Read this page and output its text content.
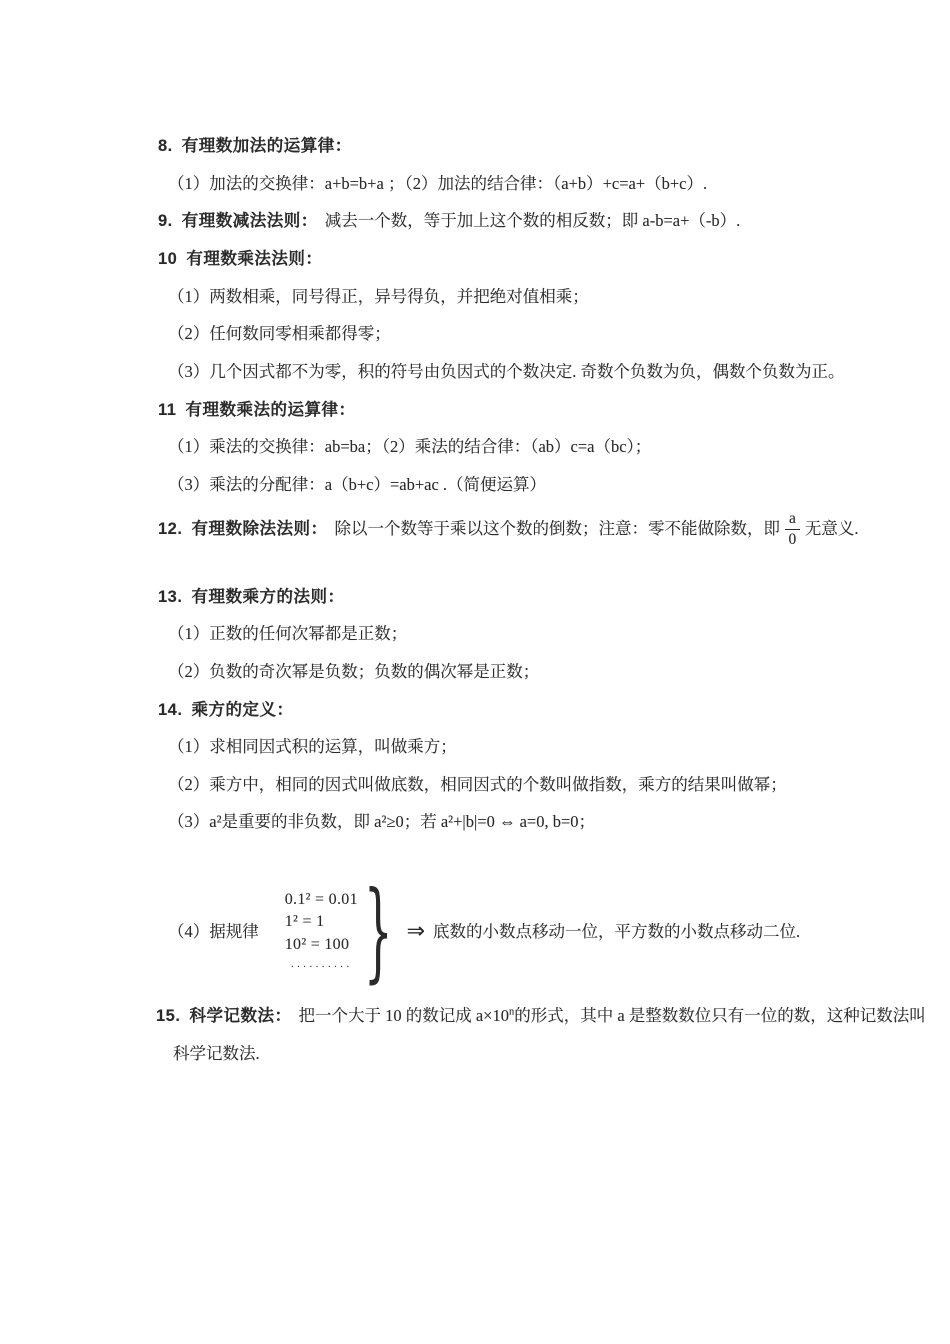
8. 有理数加法的运算律：
（1）加法的交换律：a+b=b+a ；（2）加法的结合律：（a+b）+c=a+（b+c）.
9. 有理数减法法则： 减去一个数，等于加上这个数的相反数；即 a-b=a+（-b）.
10 有理数乘法法则：
（1）两数相乘，同号得正，异号得负，并把绝对值相乘；
（2）任何数同零相乘都得零；
（3）几个因式都不为零，积的符号由负因式的个数决定. 奇数个负数为负，偶数个负数为正。
11 有理数乘法的运算律：
（1）乘法的交换律：ab=ba；（2）乘法的结合律：（ab）c=a（bc）；
（3）乘法的分配律：a（b+c）=ab+ac .（简便运算）
12. 有理数除法法则： 除以一个数等于乘以这个数的倒数；注意：零不能做除数，即 $\frac{a}{0}$ 无意义.
13. 有理数乘方的法则：
（1）正数的任何次幂都是正数；
（2）负数的奇次幂是负数；负数的偶次幂是正数；
14. 乘方的定义：
（1）求相同因式积的运算，叫做乘方；
（2）乘方中，相同的因式叫做底数，相同因式的个数叫做指数，乘方的结果叫做幂；
（3）a²是重要的非负数，即 a²≥0；若 a²+|b|=0 ⇔ a=0, b=0；
（4）据规律
0.1² = 0.01
1² = 1
10² = 100
·········· } ⇒ 底数的小数点移动一位，平方数的小数点移动二位.
15. 科学记数法： 把一个大于 10 的数记成 $a\times 10^n$的形式，其中 a 是整数数位只有一位的数，这种记数法叫
科学记数法.
